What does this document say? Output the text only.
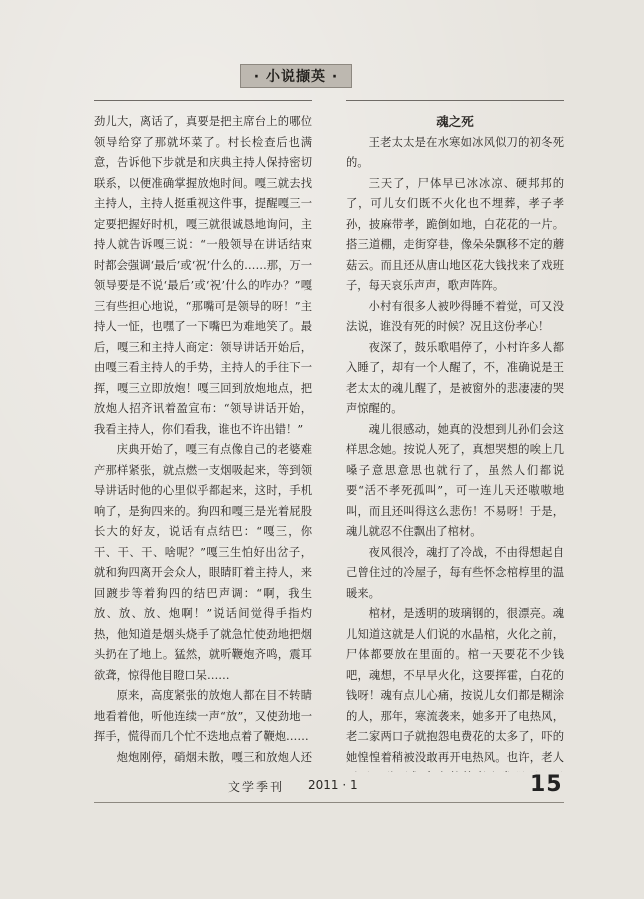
· 小说撷英 ·

劲儿大，离话了，真要是把主席台上的哪位领导给穿了那就坏菜了。村长检查后也满意，告诉他下步就是和庆典主持人保持密切联系，以便准确掌握放炮时间。嘎三就去找主持人，主持人挺重视这件事，提醒嘎三一定要把握好时机，嘎三就很诚恳地询问，主持人就告诉嘎三说：“一般领导在讲话结束时都会强调‘最后’或‘祝’什么的……那，万一领导要是不说‘最后’或‘祝’什么的咋办？”嘎三有些担心地说，“那嘴可是领导的呀！”主持人一怔，也嘿了一下嘴巴为难地笑了。最后，嘎三和主持人商定：领导讲话开始后，由嘎三看主持人的手势，主持人的手往下一挥，嘎三立即放炮！嘎三回到放炮地点，把放炮人招齐讯着盈宣布：“领导讲话开始，我看主持人，你们看我，谁也不许出错！”

庆典开始了，嘎三有点像自己的老婆难产那样紧张，就点燃一支烟吸起来，等到领导讲话时他的心里似乎都起来，这时，手机响了，是狗四来的。狗四和嘎三是光着屁股长大的好友，说话有点结巴：“嘎三，你干、干、干、啥呢？”嘎三生怕好出岔子，就和狗四离开会众人，眼睛盯着主持人，来回踱步等着狗四的结巴声调：“啊，我生放、放、放、炮啊！”说话间觉得手指灼热，他知道是烟头烧手了就急忙使劲地把烟头扔在了地上。猛然，就听鞭炮齐鸣，震耳欲聋，惊得他目瞪口呆……

原来，高度紧张的放炮人都在目不转睛地看着他，听他连续一声“放”，又使劲地一挥手，慌得而几个忙不迭地点着了鞭炮……

炮炮刚停，硝烟未散，嘎三和放炮人还

魂之死

王老太太是在水寒如冰风似刀的初冬死的。

三天了，尸体早已冰冰凉、硬邦邦的了，可儿女们既不火化也不埋葬，孝子孝孙，披麻带孝，跪倒如地，白花花的一片。搭三道棚，走街穿巷，像朵朵飘移不定的蘑菇云。而且还从唐山地区花大钱找来了戏班子，每天哀乐声声，歌声阵阵。

小村有很多人被吵得睡不着觉，可又没法说，谁没有死的时候？况且这份孝心！

夜深了，鼓乐歌唱停了，小村许多人都入睡了，却有一个人醒了，不，准确说是王老太太的魂儿醒了，是被窗外的悲凄凄的哭声惊醒的。

魂儿很感动，她真的没想到儿孙们会这样思念她。按说人死了，真想哭想的唉上几嗓子意思意思也就行了，虽然人们都说要“活不孝死孤叫”，可一连儿天还嗷嗷地叫，而且还叫得这么悲伤！不易呀！于是，魂儿就忍不住飘出了棺材。

夜风很冷，魂打了冷战，不由得想起自己曾住过的冷屋子，每有些怀念棺椁里的温暖来。

棺材，是透明的玻璃钢的，很漂亮。魂儿知道这就是人们说的水晶棺，火化之前，尸体都要放在里面的。棺一天要花不少钱吧，魂想，不早早火化，这要挥霍，白花的钱呀！魂有点儿心痛，按说儿女们都是糊涂的人，那年，寒流袭来，她多开了电热风，老二家两口子就抱怨电费花的太多了，吓的她惶惶着稍被没敢再开电热风。也许，老人

文学季刊 2011 · 1	15
